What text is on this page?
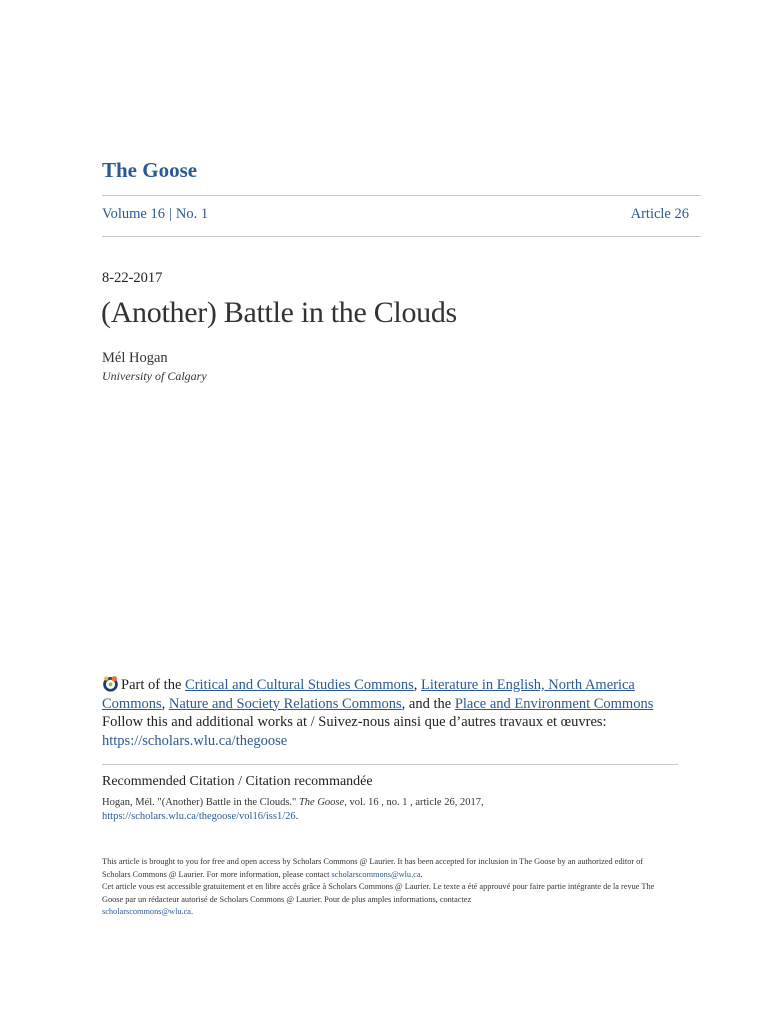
The Goose
Volume 16 | No. 1	Article 26
8-22-2017
(Another) Battle in the Clouds
Mél Hogan
University of Calgary
Part of the Critical and Cultural Studies Commons, Literature in English, North America Commons, Nature and Society Relations Commons, and the Place and Environment Commons
Follow this and additional works at / Suivez-nous ainsi que d’autres travaux et œuvres:
https://scholars.wlu.ca/thegoose
Recommended Citation / Citation recommandée
Hogan, Mél. "(Another) Battle in the Clouds." The Goose, vol. 16 , no. 1 , article 26, 2017,
https://scholars.wlu.ca/thegoose/vol16/iss1/26.
This article is brought to you for free and open access by Scholars Commons @ Laurier. It has been accepted for inclusion in The Goose by an authorized editor of Scholars Commons @ Laurier. For more information, please contact scholarscommons@wlu.ca.
Cet article vous est accessible gratuitement et en libre accès grâce à Scholars Commons @ Laurier. Le texte a été approuvé pour faire partie intégrante de la revue The Goose par un rédacteur autorisé de Scholars Commons @ Laurier. Pour de plus amples informations, contactez
scholarscommons@wlu.ca.
